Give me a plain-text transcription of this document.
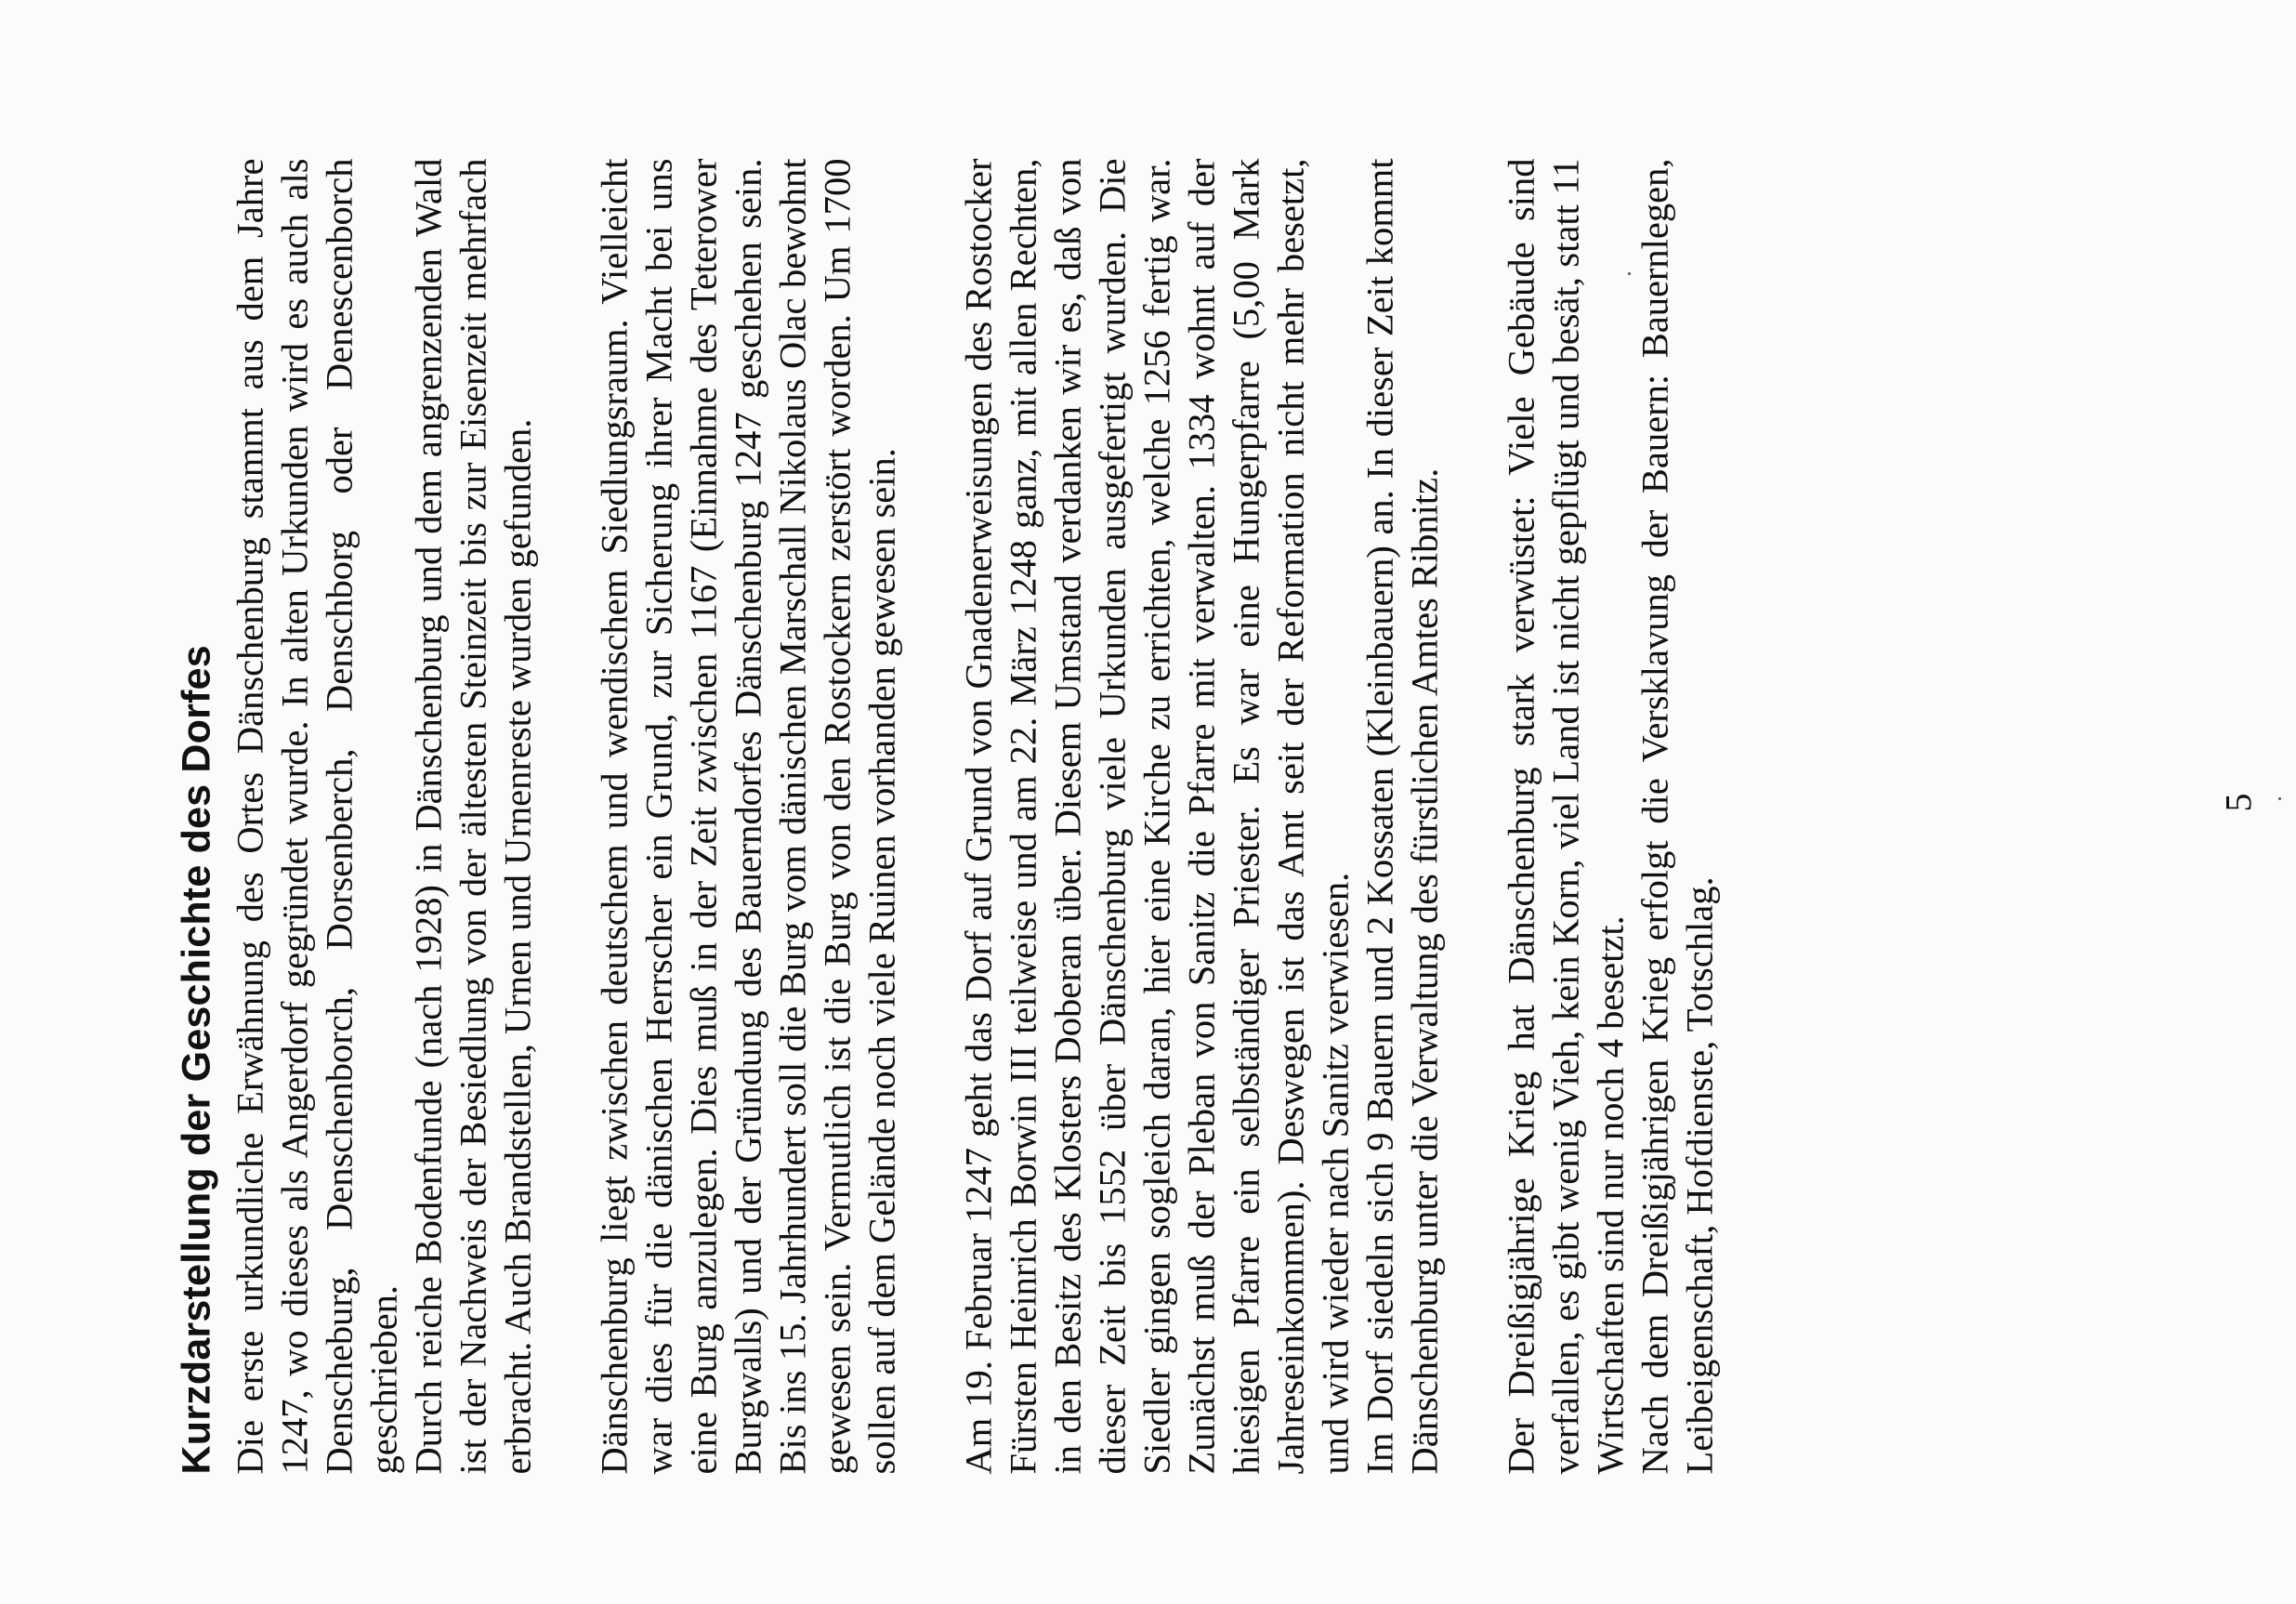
Kurzdarstellung der Geschichte des Dorfes Die erste urkundliche Erwähnung des Ortes Dänschenburg stammt aus dem Jahre 1247, wo dieses als Angerdorf gegründet wurde. In alten Urkunden wird es auch als Denscheburg, Denschenborch, Dorsenberch, Denschborg oder Denescenborch geschrieben. Durch reiche Bodenfunde (nach 1928) in Dänschenburg und dem angrenzenden Wald ist der Nachweis der Besiedlung von der ältesten Steinzeit bis zur Eisenzeit mehrfach erbracht. Auch Brandstellen, Urnen und Urnenreste wurden gefunden. Dänschenburg liegt zwischen deutschem und wendischem Siedlungsraum. Vielleicht war dies für die dänischen Herrscher ein Grund, zur Sicherung ihrer Macht bei uns eine Burg anzulegen. Dies muß in der Zeit zwischen 1167 (Einnahme des Teterower Burgwalls) und der Gründung des Bauerndorfes Dänschenburg 1247 geschehen sein. Bis ins 15. Jahrhundert soll die Burg vom dänischen Marschall Nikolaus Olac bewohnt gewesen sein. Vermutlich ist die Burg von den Rostockern zerstört worden. Um 1700 sollen auf dem Gelände noch viele Ruinen vorhanden gewesen sein. Am 19. Februar 1247 geht das Dorf auf Grund von Gnadenerweisungen des Rostocker Fürsten Heinrich Borwin III teilweise und am 22. März 1248 ganz, mit allen Rechten, in den Besitz des Klosters Doberan über. Diesem Umstand verdanken wir es, daß von dieser Zeit bis 1552 über Dänschenburg viele Urkunden ausgefertigt wurden. Die Siedler gingen sogleich daran, hier eine Kirche zu errichten, welche 1256 fertig war. Zunächst muß der Pleban von Sanitz die Pfarre mit verwalten. 1334 wohnt auf der hiesigen Pfarre ein selbständiger Priester. Es war eine Hungerpfarre (5,00 Mark Jahreseinkommen). Deswegen ist das Amt seit der Reformation nicht mehr besetzt, und wird wieder nach Sanitz verwiesen. Im Dorf siedeln sich 9 Bauern und 2 Kossaten (Kleinbauern) an. In dieser Zeit kommt Dänschenburg unter die Verwaltung des fürstlichen Amtes Ribnitz. Der Dreißigjährige Krieg hat Dänschenburg stark verwüstet: Viele Gebäude sind verfallen, es gibt wenig Vieh, kein Korn, viel Land ist nicht gepflügt und besät, statt 11 Wirtschaften sind nur noch 4 besetzt. Nach dem Dreißigjährigen Krieg erfolgt die Versklavung der Bauern: Bauernlegen, Leibeigenschaft, Hofdienste, Totschlag.

5
